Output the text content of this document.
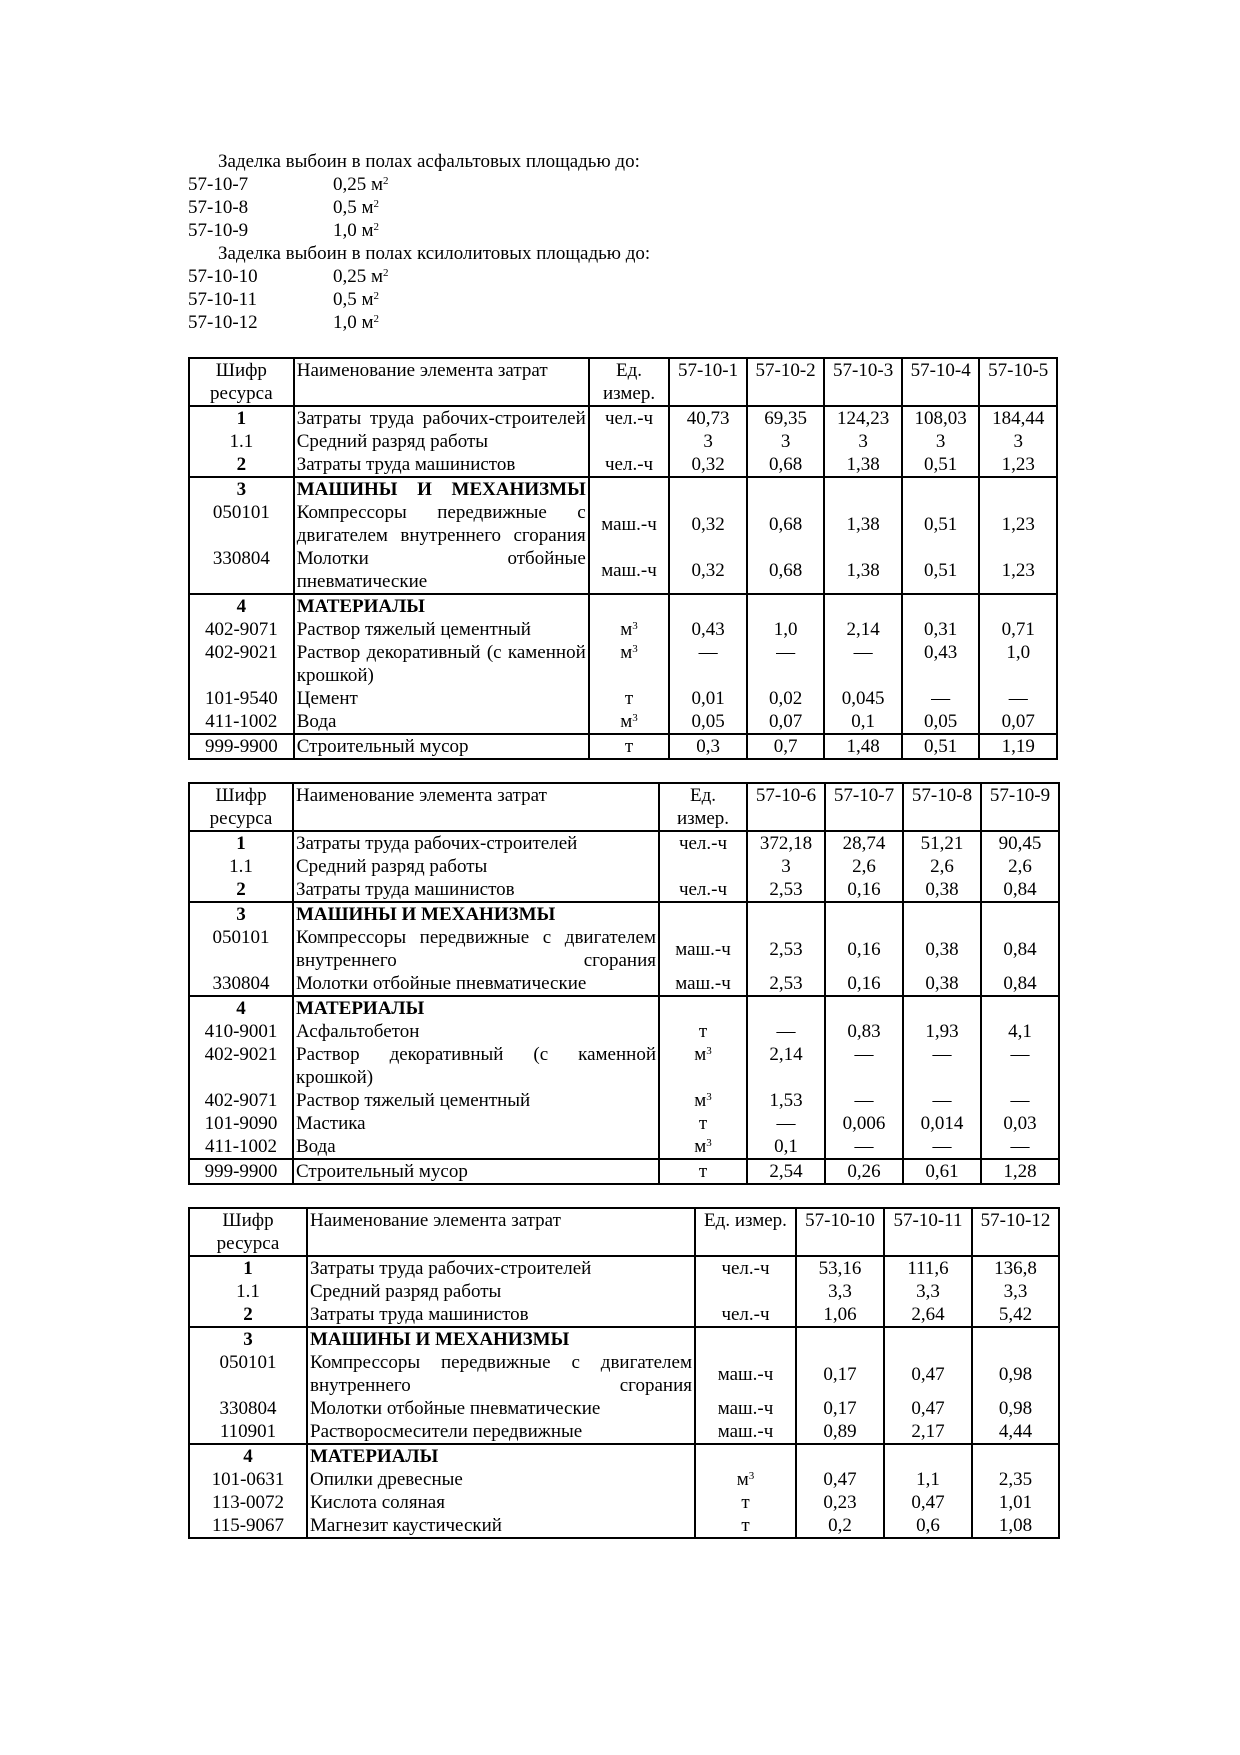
Заделка выбоин в полах асфальтовых площадью до:
57-10-7	0,25 $м^2$
57-10-8	0,5 $м^2$
57-10-9	1,0 $м^2$
Заделка выбоин в полах ксилолитовых площадью до:
57-10-10	0,25 $м^2$
57-10-11	0,5 $м^2$
57-10-12	1,0 $м^2$
Шифр ресурса	Наименование элемента затрат	Ед. измер.	57-10-1	57-10-2	57-10-3	57-10-4	57-10-5
1	Затраты труда рабочих-строителей	чел.-ч	40,73	69,35	124,23	108,03	184,44
1.1	Средний разряд работы		3	3	3	3	3
2	Затраты труда машинистов	чел.-ч	0,32	0,68	1,38	0,51	1,23
3	МАШИНЫ И МЕХАНИЗМЫ						
050101	Компрессоры передвижные с двигателем внутреннего сгорания	маш.-ч	0,32	0,68	1,38	0,51	1,23
330804	Молотки отбойные пневматические	маш.-ч	0,32	0,68	1,38	0,51	1,23
4	МАТЕРИАЛЫ						
402-9071	Раствор тяжелый цементный	$м^3$	0,43	1,0	2,14	0,31	0,71
402-9021	Раствор декоративный (с каменной крошкой)	$м^3$	—	—	—	0,43	1,0
101-9540	Цемент	т	0,01	0,02	0,045	—	—
411-1002	Вода	$м^3$	0,05	0,07	0,1	0,05	0,07
999-9900	Строительный мусор	т	0,3	0,7	1,48	0,51	1,19
Шифр ресурса	Наименование элемента затрат	Ед. измер.	57-10-6	57-10-7	57-10-8	57-10-9
1	Затраты труда рабочих-строителей	чел.-ч	372,18	28,74	51,21	90,45
1.1	Средний разряд работы		3	2,6	2,6	2,6
2	Затраты труда машинистов	чел.-ч	2,53	0,16	0,38	0,84
3	МАШИНЫ И МЕХАНИЗМЫ					
050101	Компрессоры передвижные с двигателем внутреннего сгорания	маш.-ч	2,53	0,16	0,38	0,84
330804	Молотки отбойные пневматические	маш.-ч	2,53	0,16	0,38	0,84
4	МАТЕРИАЛЫ					
410-9001	Асфальтобетон	т	—	0,83	1,93	4,1
402-9021	Раствор декоративный (с каменной крошкой)	$м^3$	2,14	—	—	—
402-9071	Раствор тяжелый цементный	$м^3$	1,53	—	—	—
101-9090	Мастика	т	—	0,006	0,014	0,03
411-1002	Вода	$м^3$	0,1	—	—	—
999-9900	Строительный мусор	т	2,54	0,26	0,61	1,28
Шифр ресурса	Наименование элемента затрат	Ед. измер.	57-10-10	57-10-11	57-10-12
1	Затраты труда рабочих-строителей	чел.-ч	53,16	111,6	136,8
1.1	Средний разряд работы		3,3	3,3	3,3
2	Затраты труда машинистов	чел.-ч	1,06	2,64	5,42
3	МАШИНЫ И МЕХАНИЗМЫ				
050101	Компрессоры передвижные с двигателем внутреннего сгорания	маш.-ч	0,17	0,47	0,98
330804	Молотки отбойные пневматические	маш.-ч	0,17	0,47	0,98
110901	Растворосмесители передвижные	маш.-ч	0,89	2,17	4,44
4	МАТЕРИАЛЫ				
101-0631	Опилки древесные	$м^3$	0,47	1,1	2,35
113-0072	Кислота соляная	т	0,23	0,47	1,01
115-9067	Магнезит каустический	т	0,2	0,6	1,08
